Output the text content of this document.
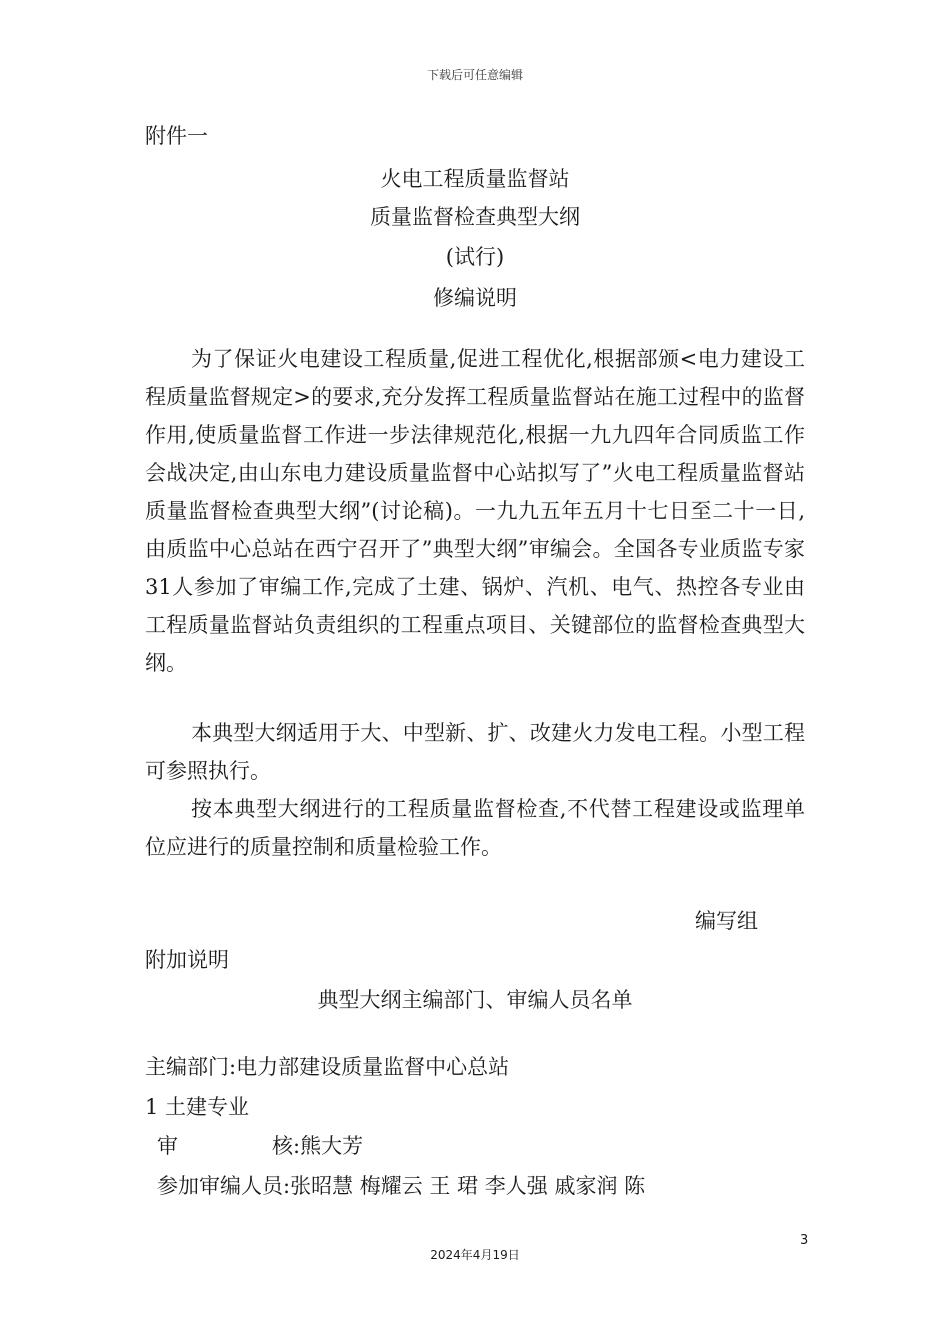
下载后可任意编辑
附件一
火电工程质量监督站
质量监督检查典型大纲
(试行)
修编说明
为了保证火电建设工程质量,促进工程优化,根据部颁<电力建设工程质量监督规定>的要求,充分发挥工程质量监督站在施工过程中的监督作用,使质量监督工作进一步法律规范化,根据一九九四年合同质监工作会战决定,由山东电力建设质量监督中心站拟写了”火电工程质量监督站质量监督检查典型大纲”(讨论稿)。一九九五年五月十七日至二十一日,由质监中心总站在西宁召开了”典型大纲”审编会。全国各专业质监专家31人参加了审编工作,完成了土建、锅炉、汽机、电气、热控各专业由工程质量监督站负责组织的工程重点项目、关键部位的监督检查典型大纲。
本典型大纲适用于大、中型新、扩、改建火力发电工程。小型工程可参照执行。
按本典型大纲进行的工程质量监督检查,不代替工程建设或监理单位应进行的质量控制和质量检验工作。
编写组
附加说明
典型大纲主编部门、审编人员名单
主编部门:电力部建设质量监督中心总站
1 土建专业
审	核:熊大芳
参加审编人员:张昭慧 梅耀云 王 珺 李人强 戚家润 陈
3
2024年4月19日
